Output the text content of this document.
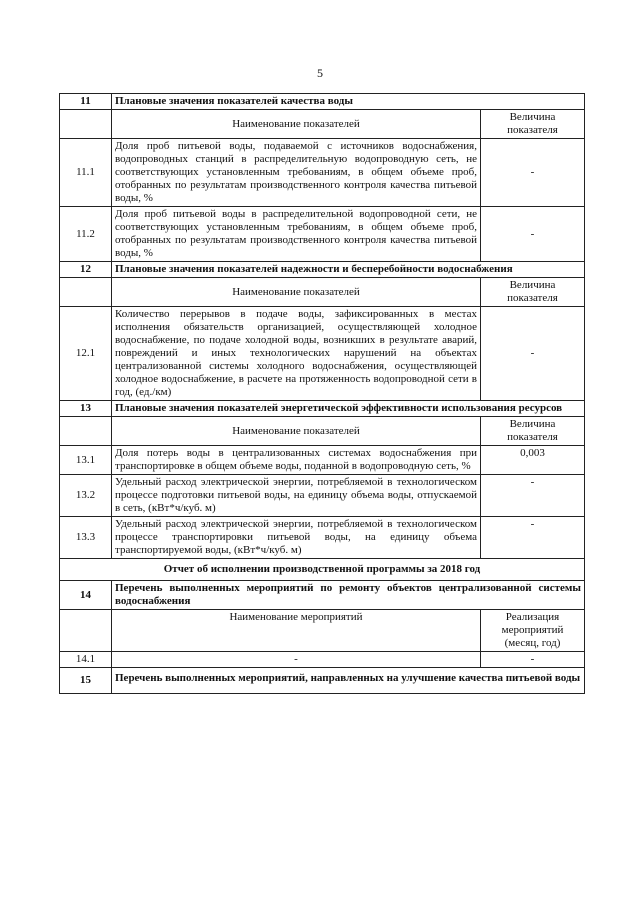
5
11	Плановые значения показателей качества воды	
	Наименование показателей	Величина показателя
11.1	Доля проб питьевой воды, подаваемой с источников водоснабжения, водопроводных станций в распределительную водопроводную сеть, не соответствующих установленным требованиям, в общем объеме проб, отобранных по результатам производственного контроля качества питьевой воды, %	-
11.2	Доля проб питьевой воды в распределительной водопроводной сети, не соответствующих установленным требованиям, в общем объеме проб, отобранных по результатам производственного контроля качества питьевой воды, %	-
12	Плановые значения показателей надежности и бесперебойности водоснабжения	
	Наименование показателей	Величина показателя
12.1	Количество перерывов в подаче воды, зафиксированных в местах исполнения обязательств организацией, осуществляющей холодное водоснабжение, по подаче холодной воды, возникших в результате аварий, повреждений и иных технологических нарушений на объектах централизованной системы холодного водоснабжения, осуществляющей холодное водоснабжение, в расчете на протяженность водопроводной сети в год, (ед./км)	-
13	Плановые значения показателей энергетической эффективности использования ресурсов	
	Наименование показателей	Величина показателя
13.1	Доля потерь воды в централизованных системах водоснабжения при транспортировке в общем объеме воды, поданной в водопроводную сеть, %	0,003
13.2	Удельный расход электрической энергии, потребляемой в технологическом процессе подготовки питьевой воды, на единицу объема воды, отпускаемой в сеть, (кВт*ч/куб. м)	-
13.3	Удельный расход электрической энергии, потребляемой в технологическом процессе транспортировки питьевой воды, на единицу объема транспортируемой воды, (кВт*ч/куб. м)	-
Отчет об исполнении производственной программы за 2018 год		
14	Перечень выполненных мероприятий по ремонту объектов централизованной системы водоснабжения	
	Наименование мероприятий	Реализация мероприятий (месяц, год)
14.1	-	-
15	Перечень выполненных мероприятий, направленных на улучшение качества питьевой воды	
